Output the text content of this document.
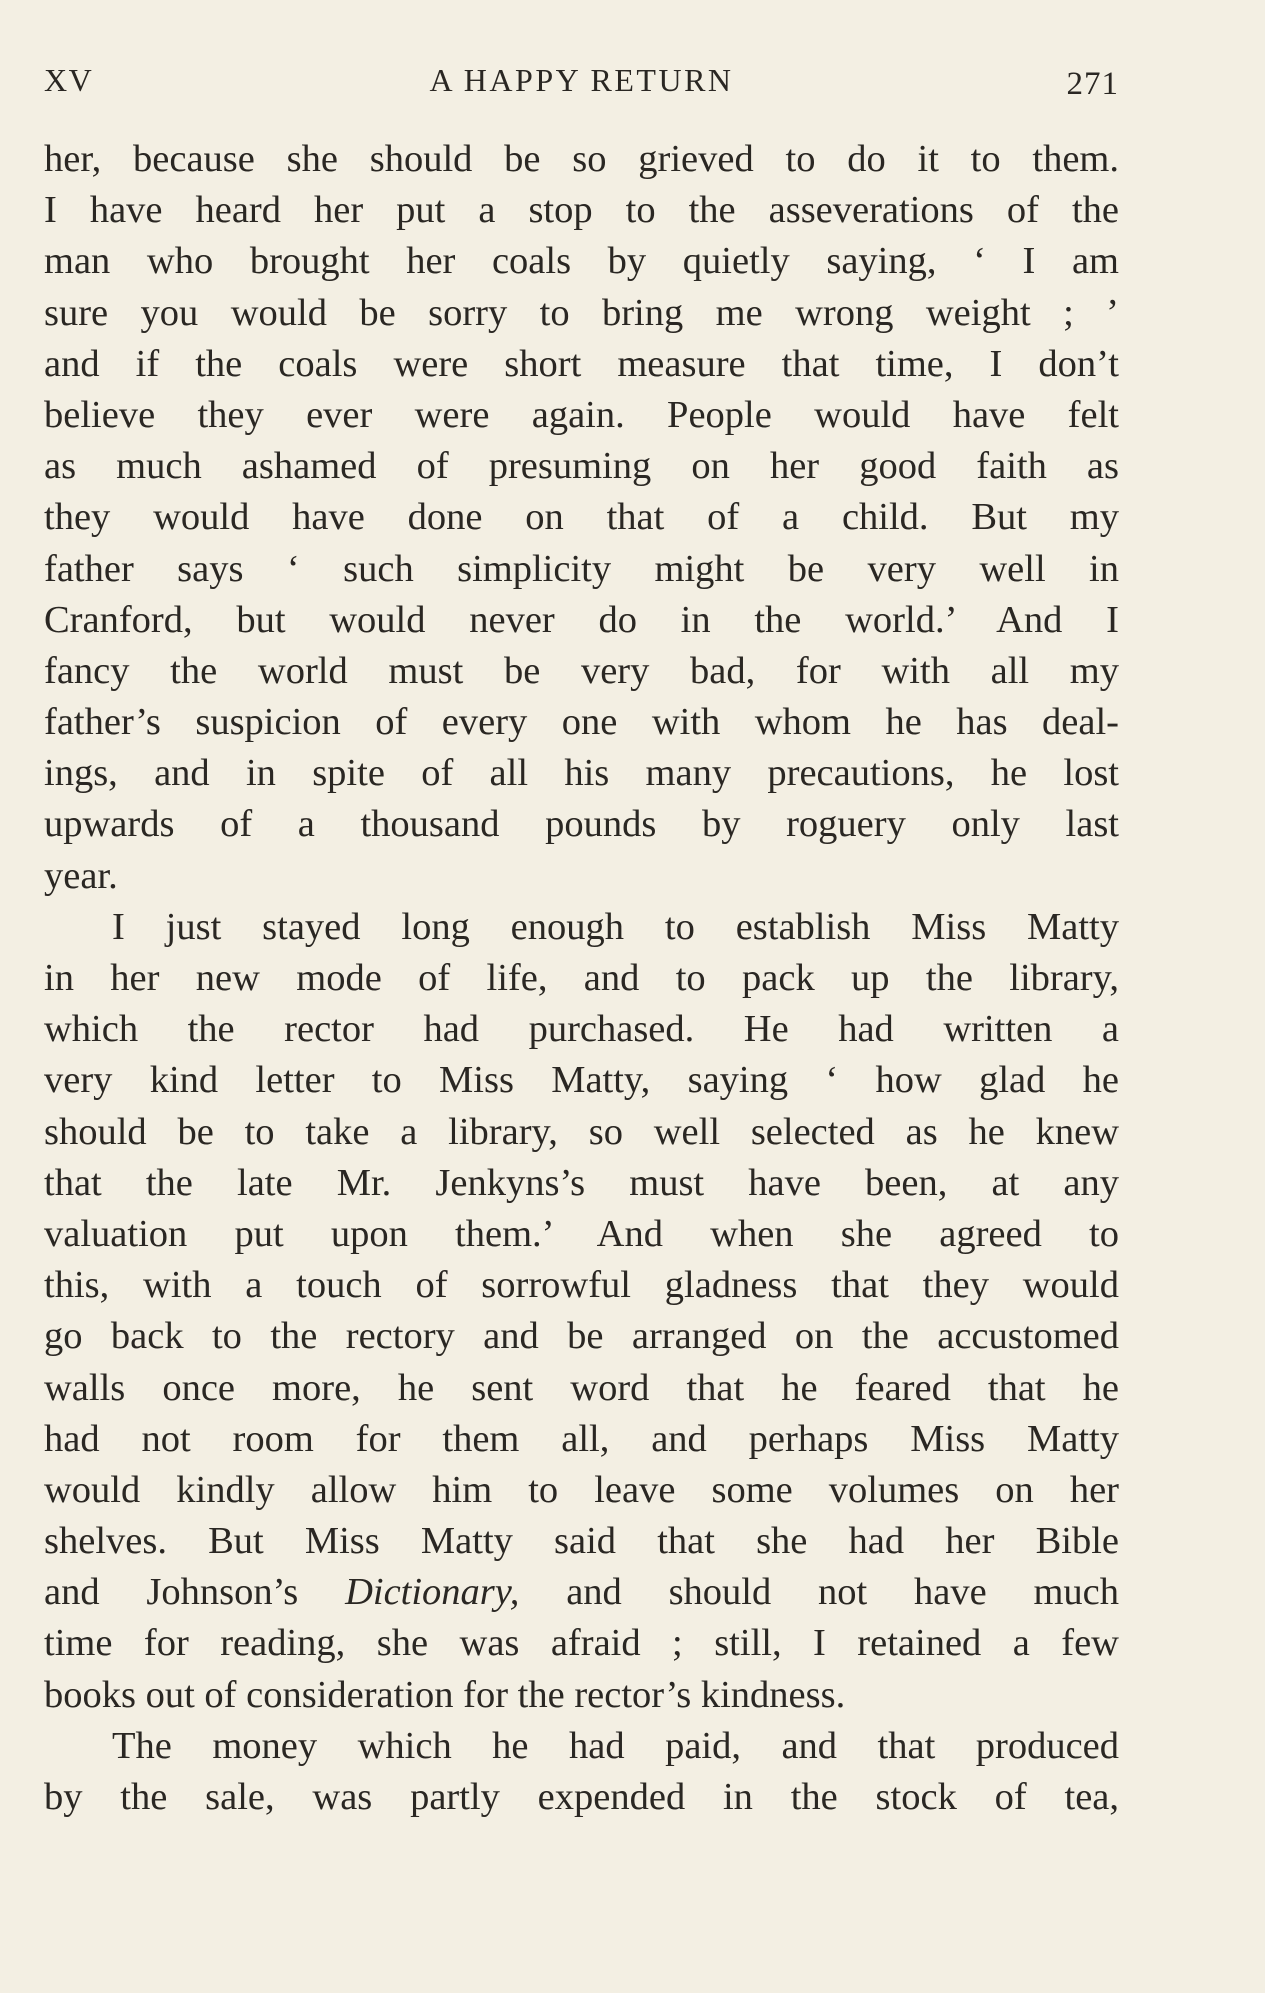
XV	A HAPPY RETURN	271
her, because she should be so grieved to do it to them.
I have heard her put a stop to the asseverations of the
man who brought her coals by quietly saying, ‘ I am
sure you would be sorry to bring me wrong weight ; ’
and if the coals were short measure that time, I don’t
believe they ever were again. People would have felt
as much ashamed of presuming on her good faith as
they would have done on that of a child. But my
father says ‘ such simplicity might be very well in
Cranford, but would never do in the world.’ And I
fancy the world must be very bad, for with all my
father’s suspicion of every one with whom he has deal-
ings, and in spite of all his many precautions, he lost
upwards of a thousand pounds by roguery only last
year.
I just stayed long enough to establish Miss Matty
in her new mode of life, and to pack up the library,
which the rector had purchased. He had written a
very kind letter to Miss Matty, saying ‘ how glad he
should be to take a library, so well selected as he knew
that the late Mr. Jenkyns’s must have been, at any
valuation put upon them.’ And when she agreed to
this, with a touch of sorrowful gladness that they would
go back to the rectory and be arranged on the accustomed
walls once more, he sent word that he feared that he
had not room for them all, and perhaps Miss Matty
would kindly allow him to leave some volumes on her
shelves. But Miss Matty said that she had her Bible
and Johnson’s Dictionary, and should not have much
time for reading, she was afraid ; still, I retained a few
books out of consideration for the rector’s kindness.
The money which he had paid, and that produced
by the sale, was partly expended in the stock of tea,
